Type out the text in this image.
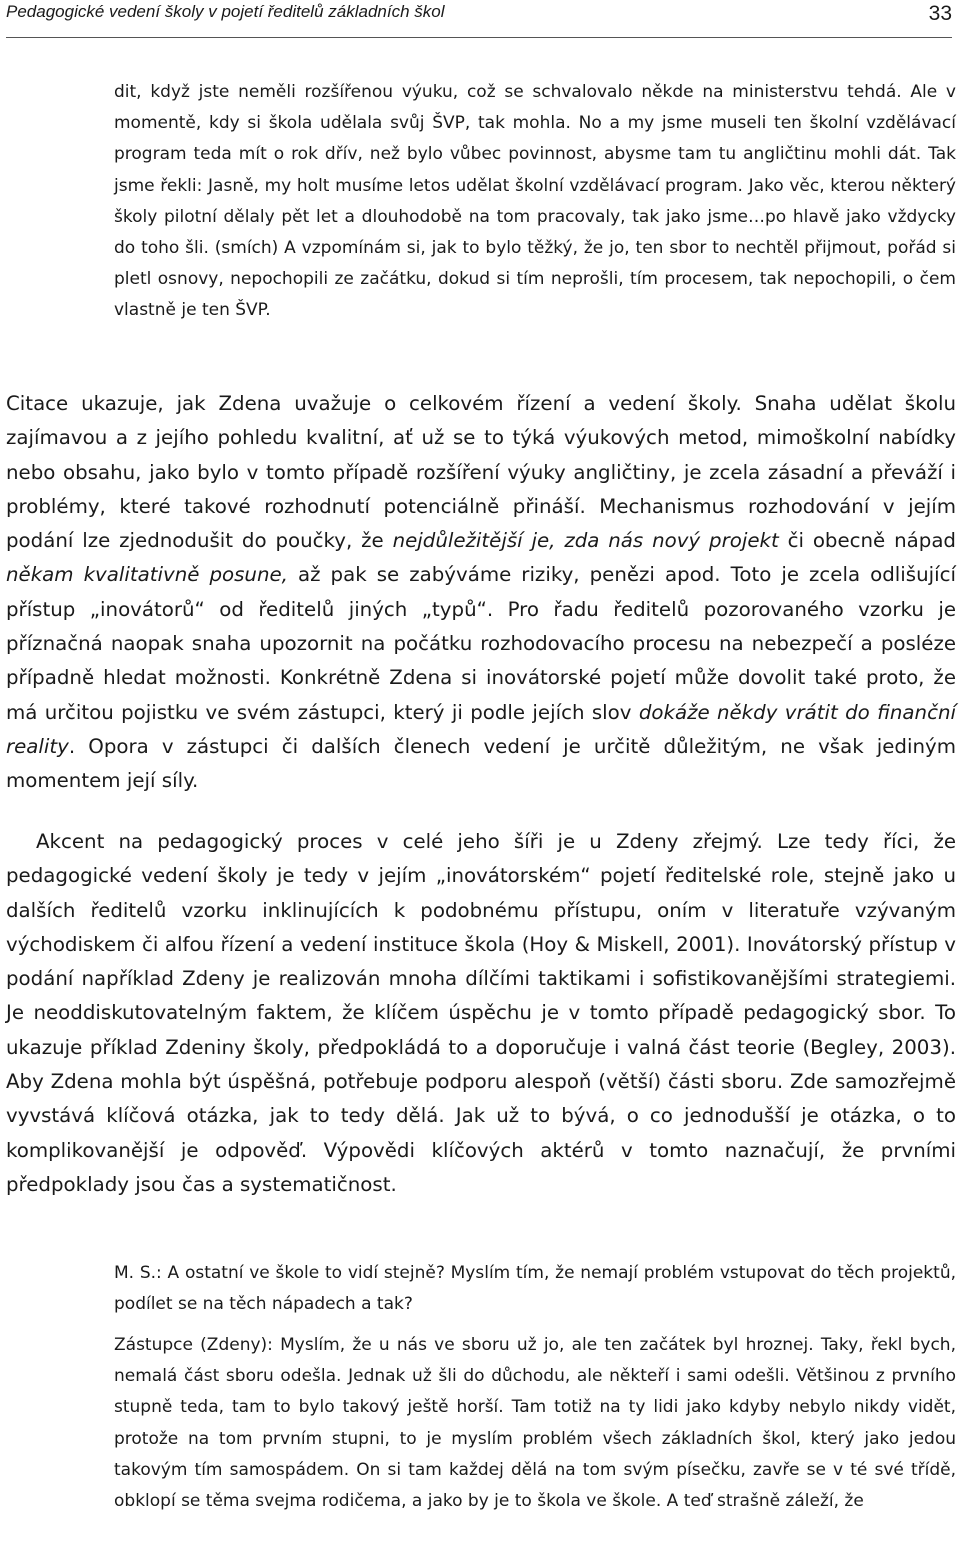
Pedagogické vedení školy v pojetí ředitelů základních škol	33

dit, když jste neměli rozšířenou výuku, což se schvalovalo někde na ministerstvu tehdá. Ale v momentě, kdy si škola udělala svůj ŠVP, tak mohla. No a my jsme museli ten školní vzdělávací program teda mít o rok dřív, než bylo vůbec povinnost, abysme tam tu angličtinu mohli dát. Tak jsme řekli: Jasně, my holt musíme letos udělat školní vzdělávací program. Jako věc, kterou některý školy pilotní dělaly pět let a dlouhodobě na tom pracovaly, tak jako jsme…po hlavě jako vždycky do toho šli. (smích) A vzpomínám si, jak to bylo těžký, že jo, ten sbor to nechtěl přijmout, pořád si pletl osnovy, nepochopili ze začátku, dokud si tím neprošli, tím procesem, tak nepochopili, o čem vlastně je ten ŠVP.

Citace ukazuje, jak Zdena uvažuje o celkovém řízení a vedení školy. Snaha udělat školu zajímavou a z jejího pohledu kvalitní, ať už se to týká výukových metod, mimoškolní nabídky nebo obsahu, jako bylo v tomto případě rozšíření výuky angličtiny, je zcela zásadní a převáží i problémy, které takové rozhodnutí potenciálně přináší. Mechanismus rozhodování v jejím podání lze zjednodušit do poučky, že nejdůležitější je, zda nás nový projekt či obecně nápad někam kvalitativně posune, až pak se zabýváme riziky, penězi apod. Toto je zcela odlišující přístup „inovátorů“ od ředitelů jiných „typů“. Pro řadu ředitelů pozorovaného vzorku je příznačná naopak snaha upozornit na počátku rozhodovacího procesu na nebezpečí a posléze případně hledat možnosti. Konkrétně Zdena si inovátorské pojetí může dovolit také proto, že má určitou pojistku ve svém zástupci, který ji podle jejích slov dokáže někdy vrátit do finanční reality. Opora v zástupci či dalších členech vedení je určitě důležitým, ne však jediným momentem její síly.

Akcent na pedagogický proces v celé jeho šíři je u Zdeny zřejmý. Lze tedy říci, že pedagogické vedení školy je tedy v jejím „inovátorském“ pojetí ředitelské role, stejně jako u dalších ředitelů vzorku inklinujících k podobnému přístupu, oním v literatuře vzývaným východiskem či alfou řízení a vedení instituce škola (Hoy & Miskell, 2001). Inovátorský přístup v podání například Zdeny je realizován mnoha dílčími taktikami i sofistikovanějšími strategiemi. Je neoddiskutovatelným faktem, že klíčem úspěchu je v tomto případě pedagogický sbor. To ukazuje příklad Zdeniny školy, předpokládá to a doporučuje i valná část teorie (Begley, 2003). Aby Zdena mohla být úspěšná, potřebuje podporu alespoň (větší) části sboru. Zde samozřejmě vyvstává klíčová otázka, jak to tedy dělá. Jak už to bývá, o co jednodušší je otázka, o to komplikovanější je odpověď. Výpovědi klíčových aktérů v tomto naznačují, že prvními předpoklady jsou čas a systematičnost.

M. S.: A ostatní ve škole to vidí stejně? Myslím tím, že nemají problém vstupovat do těch projektů, podílet se na těch nápadech a tak?

Zástupce (Zdeny): Myslím, že u nás ve sboru už jo, ale ten začátek byl hroznej. Taky, řekl bych, nemalá část sboru odešla. Jednak už šli do důchodu, ale někteří i sami odešli. Většinou z prvního stupně teda, tam to bylo takový ještě horší. Tam totiž na ty lidi jako kdyby nebylo nikdy vidět, protože na tom prvním stupni, to je myslím problém všech základních škol, který jako jedou takovým tím samospádem. On si tam každej dělá na tom svým písečku, zavře se v té své třídě, obklopí se těma svejma rodičema, a jako by je to škola ve škole. A teď strašně záleží, že
